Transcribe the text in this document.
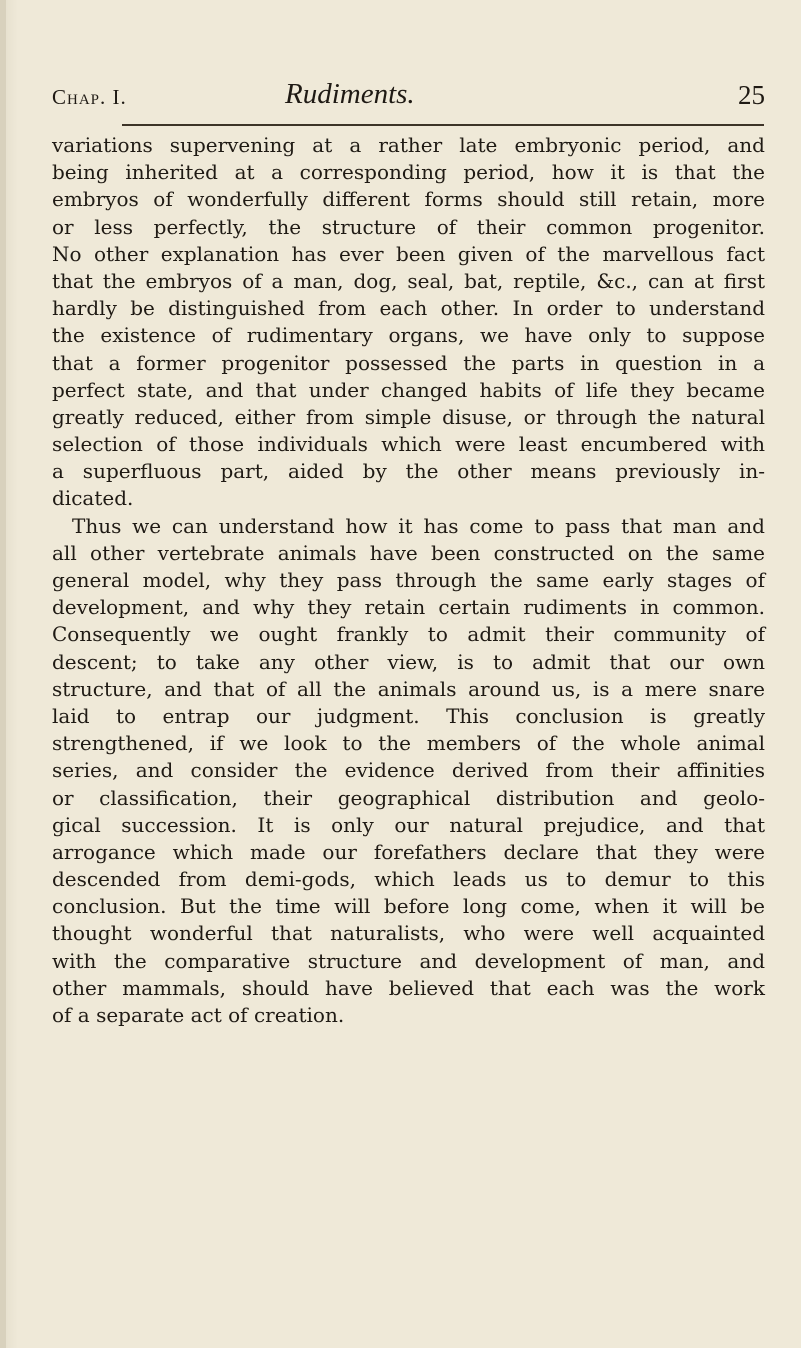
Chap. I.	Rudiments.	25
variations supervening at a rather late embryonic period, and
being inherited at a corresponding period, how it is that the
embryos of wonderfully different forms should still retain, more
or less perfectly, the structure of their common progenitor.
No other explanation has ever been given of the marvellous fact
that the embryos of a man, dog, seal, bat, reptile, &c., can at first
hardly be distinguished from each other. In order to understand
the existence of rudimentary organs, we have only to suppose
that a former progenitor possessed the parts in question in a
perfect state, and that under changed habits of life they became
greatly reduced, either from simple disuse, or through the natural
selection of those individuals which were least encumbered with
a superfluous part, aided by the other means previously in-
dicated.
Thus we can understand how it has come to pass that man and
all other vertebrate animals have been constructed on the same
general model, why they pass through the same early stages of
development, and why they retain certain rudiments in common.
Consequently we ought frankly to admit their community of
descent; to take any other view, is to admit that our own
structure, and that of all the animals around us, is a mere snare
laid to entrap our judgment. This conclusion is greatly
strengthened, if we look to the members of the whole animal
series, and consider the evidence derived from their affinities
or classification, their geographical distribution and geolo-
gical succession. It is only our natural prejudice, and that
arrogance which made our forefathers declare that they were
descended from demi-gods, which leads us to demur to this
conclusion. But the time will before long come, when it will be
thought wonderful that naturalists, who were well acquainted
with the comparative structure and development of man, and
other mammals, should have believed that each was the work
of a separate act of creation.
